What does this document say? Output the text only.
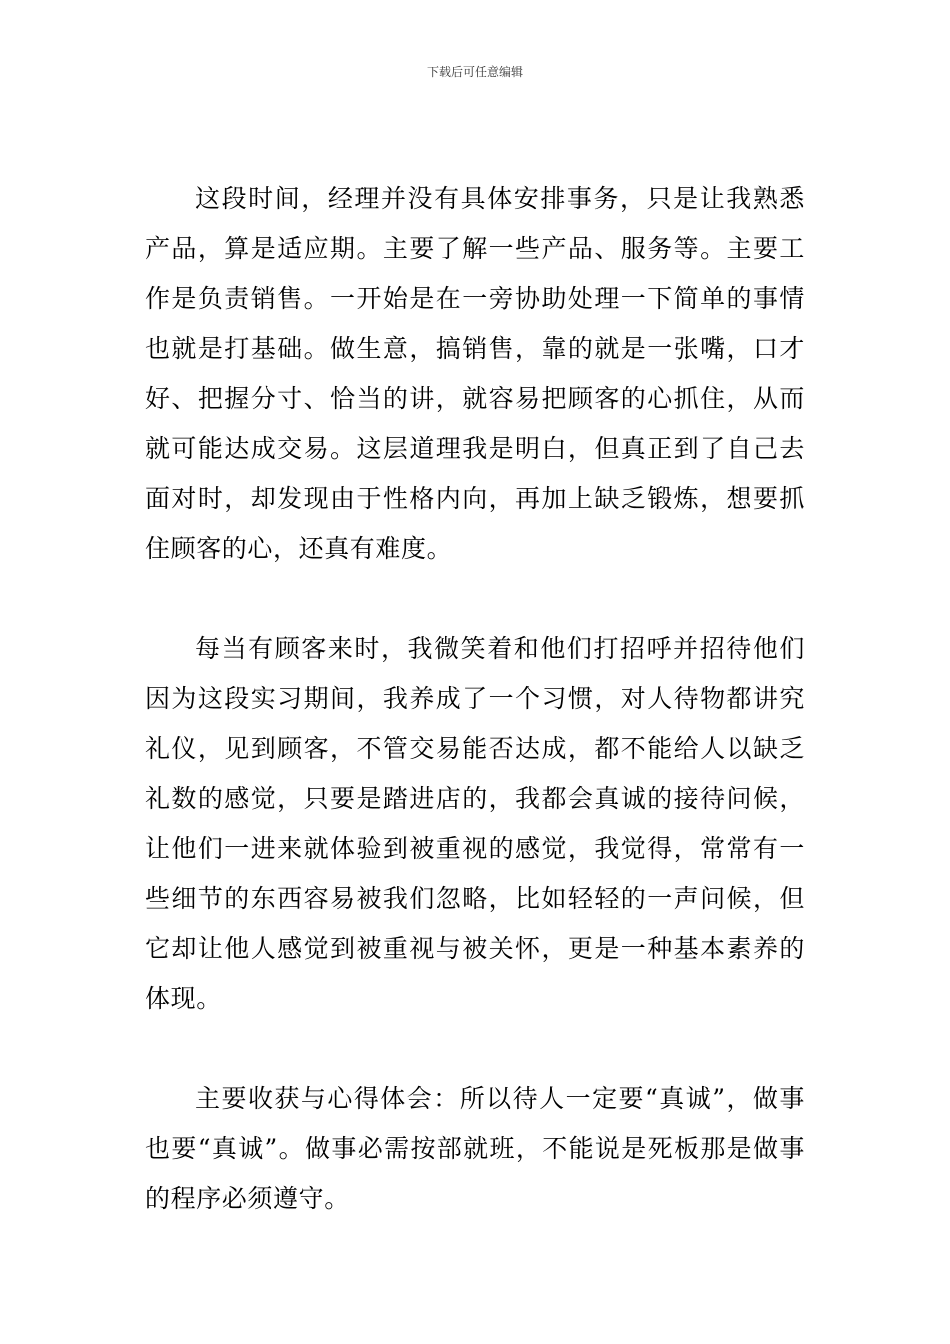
下载后可任意编辑

这段时间，经理并没有具体安排事务，只是让我熟悉产品，算是适应期。主要了解一些产品、服务等。主要工作是负责销售。一开始是在一旁协助处理一下简单的事情也就是打基础。做生意，搞销售，靠的就是一张嘴，口才好、把握分寸、恰当的讲，就容易把顾客的心抓住，从而就可能达成交易。这层道理我是明白，但真正到了自己去面对时，却发现由于性格内向，再加上缺乏锻炼，想要抓住顾客的心，还真有难度。

每当有顾客来时，我微笑着和他们打招呼并招待他们因为这段实习期间，我养成了一个习惯，对人待物都讲究礼仪，见到顾客，不管交易能否达成，都不能给人以缺乏礼数的感觉，只要是踏进店的，我都会真诚的接待问候，让他们一进来就体验到被重视的感觉，我觉得，常常有一些细节的东西容易被我们忽略，比如轻轻的一声问候，但它却让他人感觉到被重视与被关怀，更是一种基本素养的体现。

主要收获与心得体会：所以待人一定要“真诚”，做事也要“真诚”。做事必需按部就班，不能说是死板那是做事的程序必须遵守。
